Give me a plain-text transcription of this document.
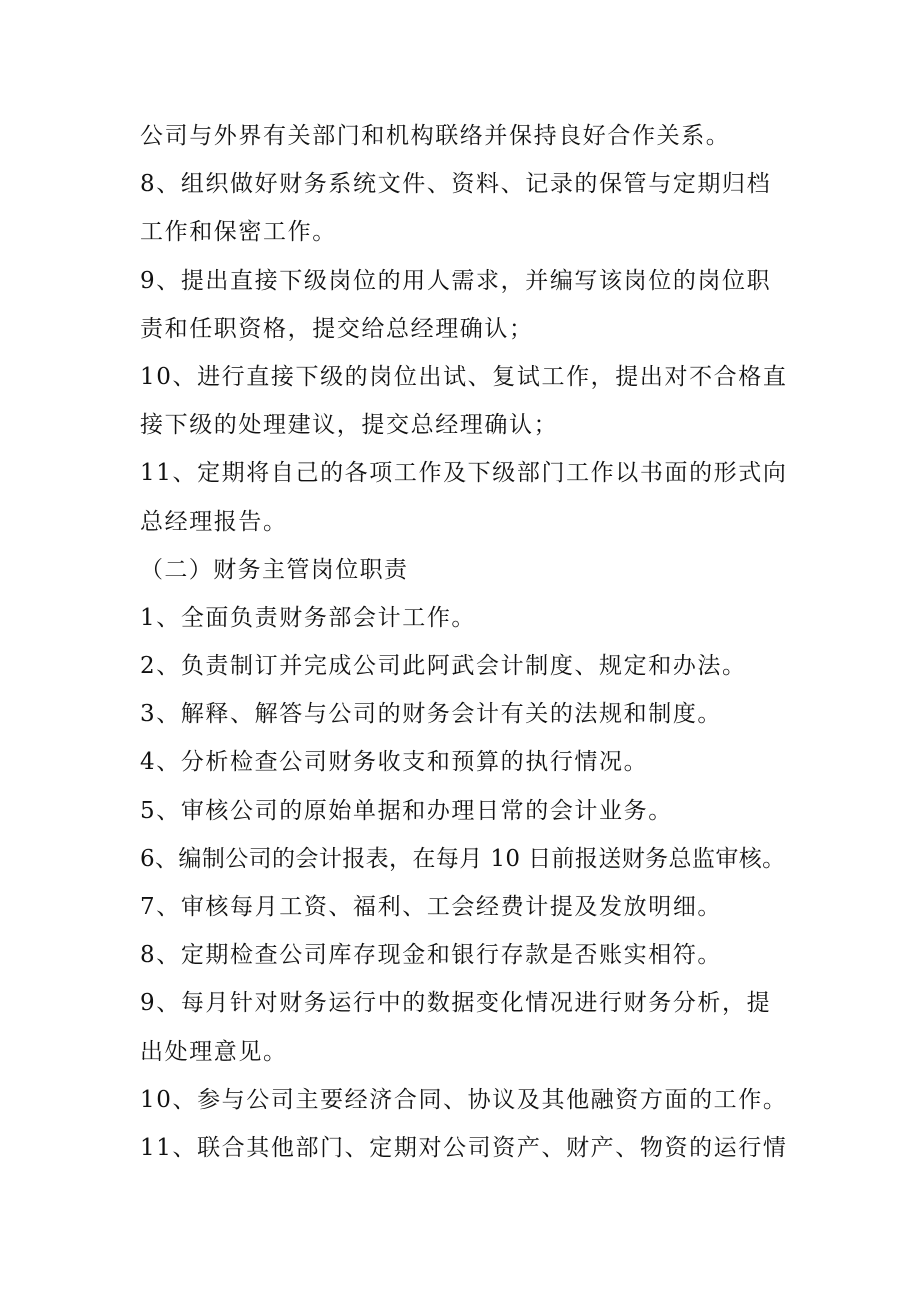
公司与外界有关部门和机构联络并保持良好合作关系。
8、组织做好财务系统文件、资料、记录的保管与定期归档
工作和保密工作。
9、提出直接下级岗位的用人需求，并编写该岗位的岗位职
责和任职资格，提交给总经理确认；
10、进行直接下级的岗位出试、复试工作，提出对不合格直
接下级的处理建议，提交总经理确认；
11、定期将自己的各项工作及下级部门工作以书面的形式向
总经理报告。
（二）财务主管岗位职责
1、全面负责财务部会计工作。
2、负责制订并完成公司此阿武会计制度、规定和办法。
3、解释、解答与公司的财务会计有关的法规和制度。
4、分析检查公司财务收支和预算的执行情况。
5、审核公司的原始单据和办理日常的会计业务。
6、编制公司的会计报表，在每月 10 日前报送财务总监审核。
7、审核每月工资、福利、工会经费计提及发放明细。
8、定期检查公司库存现金和银行存款是否账实相符。
9、每月针对财务运行中的数据变化情况进行财务分析，提
出处理意见。
10、参与公司主要经济合同、协议及其他融资方面的工作。
11、联合其他部门、定期对公司资产、财产、物资的运行情
